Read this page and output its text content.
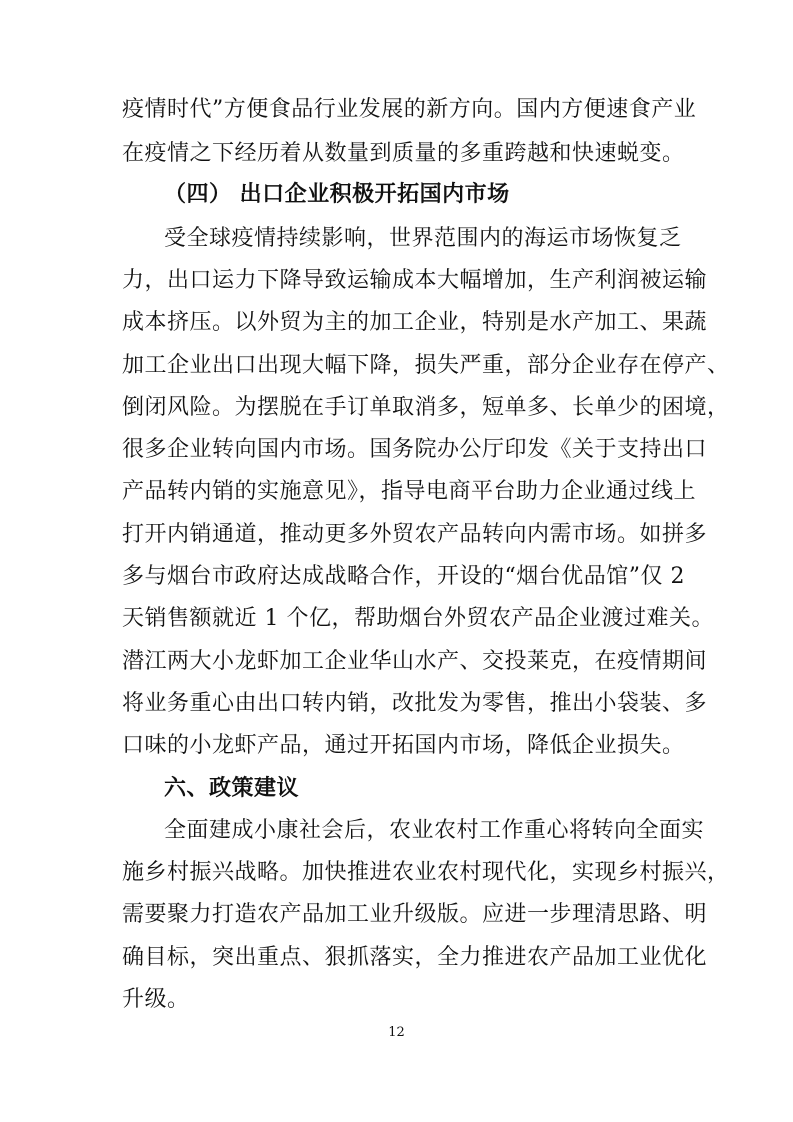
疫情时代”方便食品行业发展的新方向。国内方便速食产业
在疫情之下经历着从数量到质量的多重跨越和快速蜕变。
（四） 出口企业积极开拓国内市场
受全球疫情持续影响，世界范围内的海运市场恢复乏
力，出口运力下降导致运输成本大幅增加，生产利润被运输
成本挤压。以外贸为主的加工企业，特别是水产加工、果蔬
加工企业出口出现大幅下降，损失严重，部分企业存在停产、
倒闭风险。为摆脱在手订单取消多，短单多、长单少的困境，
很多企业转向国内市场。国务院办公厅印发《关于支持出口
产品转内销的实施意见》，指导电商平台助力企业通过线上
打开内销通道，推动更多外贸农产品转向内需市场。如拼多
多与烟台市政府达成战略合作，开设的“烟台优品馆”仅 2
天销售额就近 1 个亿，帮助烟台外贸农产品企业渡过难关。
潜江两大小龙虾加工企业华山水产、交投莱克，在疫情期间
将业务重心由出口转内销，改批发为零售，推出小袋装、多
口味的小龙虾产品，通过开拓国内市场，降低企业损失。
六、政策建议
全面建成小康社会后，农业农村工作重心将转向全面实
施乡村振兴战略。加快推进农业农村现代化，实现乡村振兴，
需要聚力打造农产品加工业升级版。应进一步理清思路、明
确目标，突出重点、狠抓落实，全力推进农产品加工业优化
升级。
12
